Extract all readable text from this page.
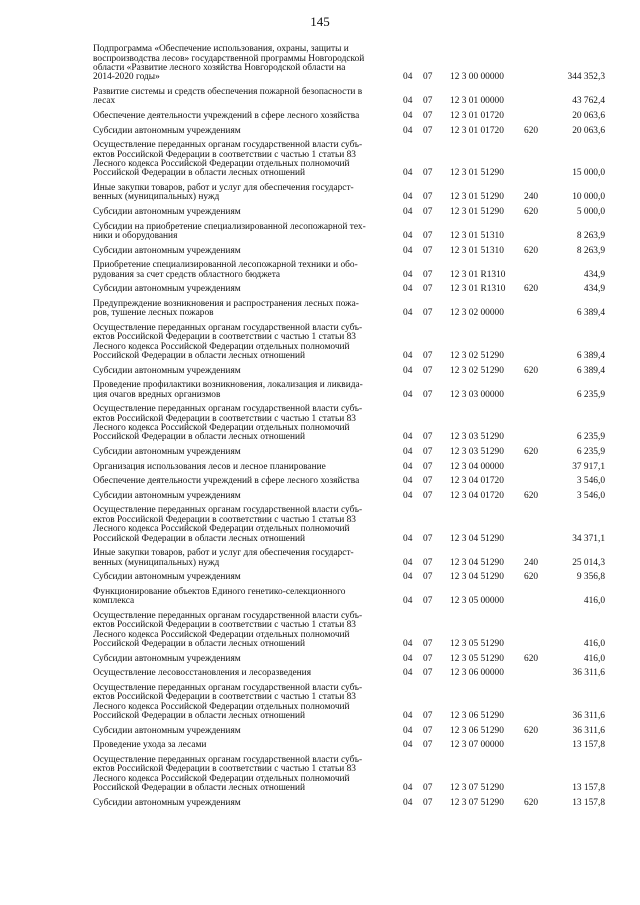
145
Подпрограмма «Обеспечение использования, охраны, защиты и
воспроизводства лесов» государственной программы Новгородской
области «Развитие лесного хозяйства Новгородской области на
2014-2020 годы»	04	07	12 3 00 00000		344 352,3
Развитие системы и средств обеспечения пожарной безопасности в
лесах	04	07	12 3 01 00000		43 762,4
Обеспечение деятельности учреждений в сфере лесного хозяйства	04	07	12 3 01 01720		20 063,6
Субсидии автономным учреждениям	04	07	12 3 01 01720	620	20 063,6
Осуществление переданных органам государственной власти субъ-
ектов Российской Федерации в соответствии с частью 1 статьи 83
Лесного кодекса Российской Федерации отдельных полномочий
Российской Федерации в области лесных отношений	04	07	12 3 01 51290		15 000,0
Иные закупки товаров, работ и услуг для обеспечения государст-
венных (муниципальных) нужд	04	07	12 3 01 51290	240	10 000,0
Субсидии автономным учреждениям	04	07	12 3 01 51290	620	5 000,0
Субсидии на приобретение специализированной лесопожарной тех-
ники и оборудования	04	07	12 3 01 51310		8 263,9
Субсидии автономным учреждениям	04	07	12 3 01 51310	620	8 263,9
Приобретение специализированной лесопожарной техники и обо-
рудования за счет средств областного бюджета	04	07	12 3 01 R1310		434,9
Субсидии автономным учреждениям	04	07	12 3 01 R1310	620	434,9
Предупреждение возникновения и распространения лесных пожа-
ров, тушение лесных пожаров	04	07	12 3 02 00000		6 389,4
Осуществление переданных органам государственной власти субъ-
ектов Российской Федерации в соответствии с частью 1 статьи 83
Лесного кодекса Российской Федерации отдельных полномочий
Российской Федерации в области лесных отношений	04	07	12 3 02 51290		6 389,4
Субсидии автономным учреждениям	04	07	12 3 02 51290	620	6 389,4
Проведение профилактики возникновения, локализация и ликвида-
ция очагов вредных организмов	04	07	12 3 03 00000		6 235,9
Осуществление переданных органам государственной власти субъ-
ектов Российской Федерации в соответствии с частью 1 статьи 83
Лесного кодекса Российской Федерации отдельных полномочий
Российской Федерации в области лесных отношений	04	07	12 3 03 51290		6 235,9
Субсидии автономным учреждениям	04	07	12 3 03 51290	620	6 235,9
Организация использования лесов и лесное планирование	04	07	12 3 04 00000		37 917,1
Обеспечение деятельности учреждений в сфере лесного хозяйства	04	07	12 3 04 01720		3 546,0
Субсидии автономным учреждениям	04	07	12 3 04 01720	620	3 546,0
Осуществление переданных органам государственной власти субъ-
ектов Российской Федерации в соответствии с частью 1 статьи 83
Лесного кодекса Российской Федерации отдельных полномочий
Российской Федерации в области лесных отношений	04	07	12 3 04 51290		34 371,1
Иные закупки товаров, работ и услуг для обеспечения государст-
венных (муниципальных) нужд	04	07	12 3 04 51290	240	25 014,3
Субсидии автономным учреждениям	04	07	12 3 04 51290	620	9 356,8
Функционирование объектов Единого генетико-селекционного
комплекса	04	07	12 3 05 00000		416,0
Осуществление переданных органам государственной власти субъ-
ектов Российской Федерации в соответствии с частью 1 статьи 83
Лесного кодекса Российской Федерации отдельных полномочий
Российской Федерации в области лесных отношений	04	07	12 3 05 51290		416,0
Субсидии автономным учреждениям	04	07	12 3 05 51290	620	416,0
Осуществление лесовосстановления и лесоразведения	04	07	12 3 06 00000		36 311,6
Осуществление переданных органам государственной власти субъ-
ектов Российской Федерации в соответствии с частью 1 статьи 83
Лесного кодекса Российской Федерации отдельных полномочий
Российской Федерации в области лесных отношений	04	07	12 3 06 51290		36 311,6
Субсидии автономным учреждениям	04	07	12 3 06 51290	620	36 311,6
Проведение ухода за лесами	04	07	12 3 07 00000		13 157,8
Осуществление переданных органам государственной власти субъ-
ектов Российской Федерации в соответствии с частью 1 статьи 83
Лесного кодекса Российской Федерации отдельных полномочий
Российской Федерации в области лесных отношений	04	07	12 3 07 51290		13 157,8
Субсидии автономным учреждениям	04	07	12 3 07 51290	620	13 157,8
